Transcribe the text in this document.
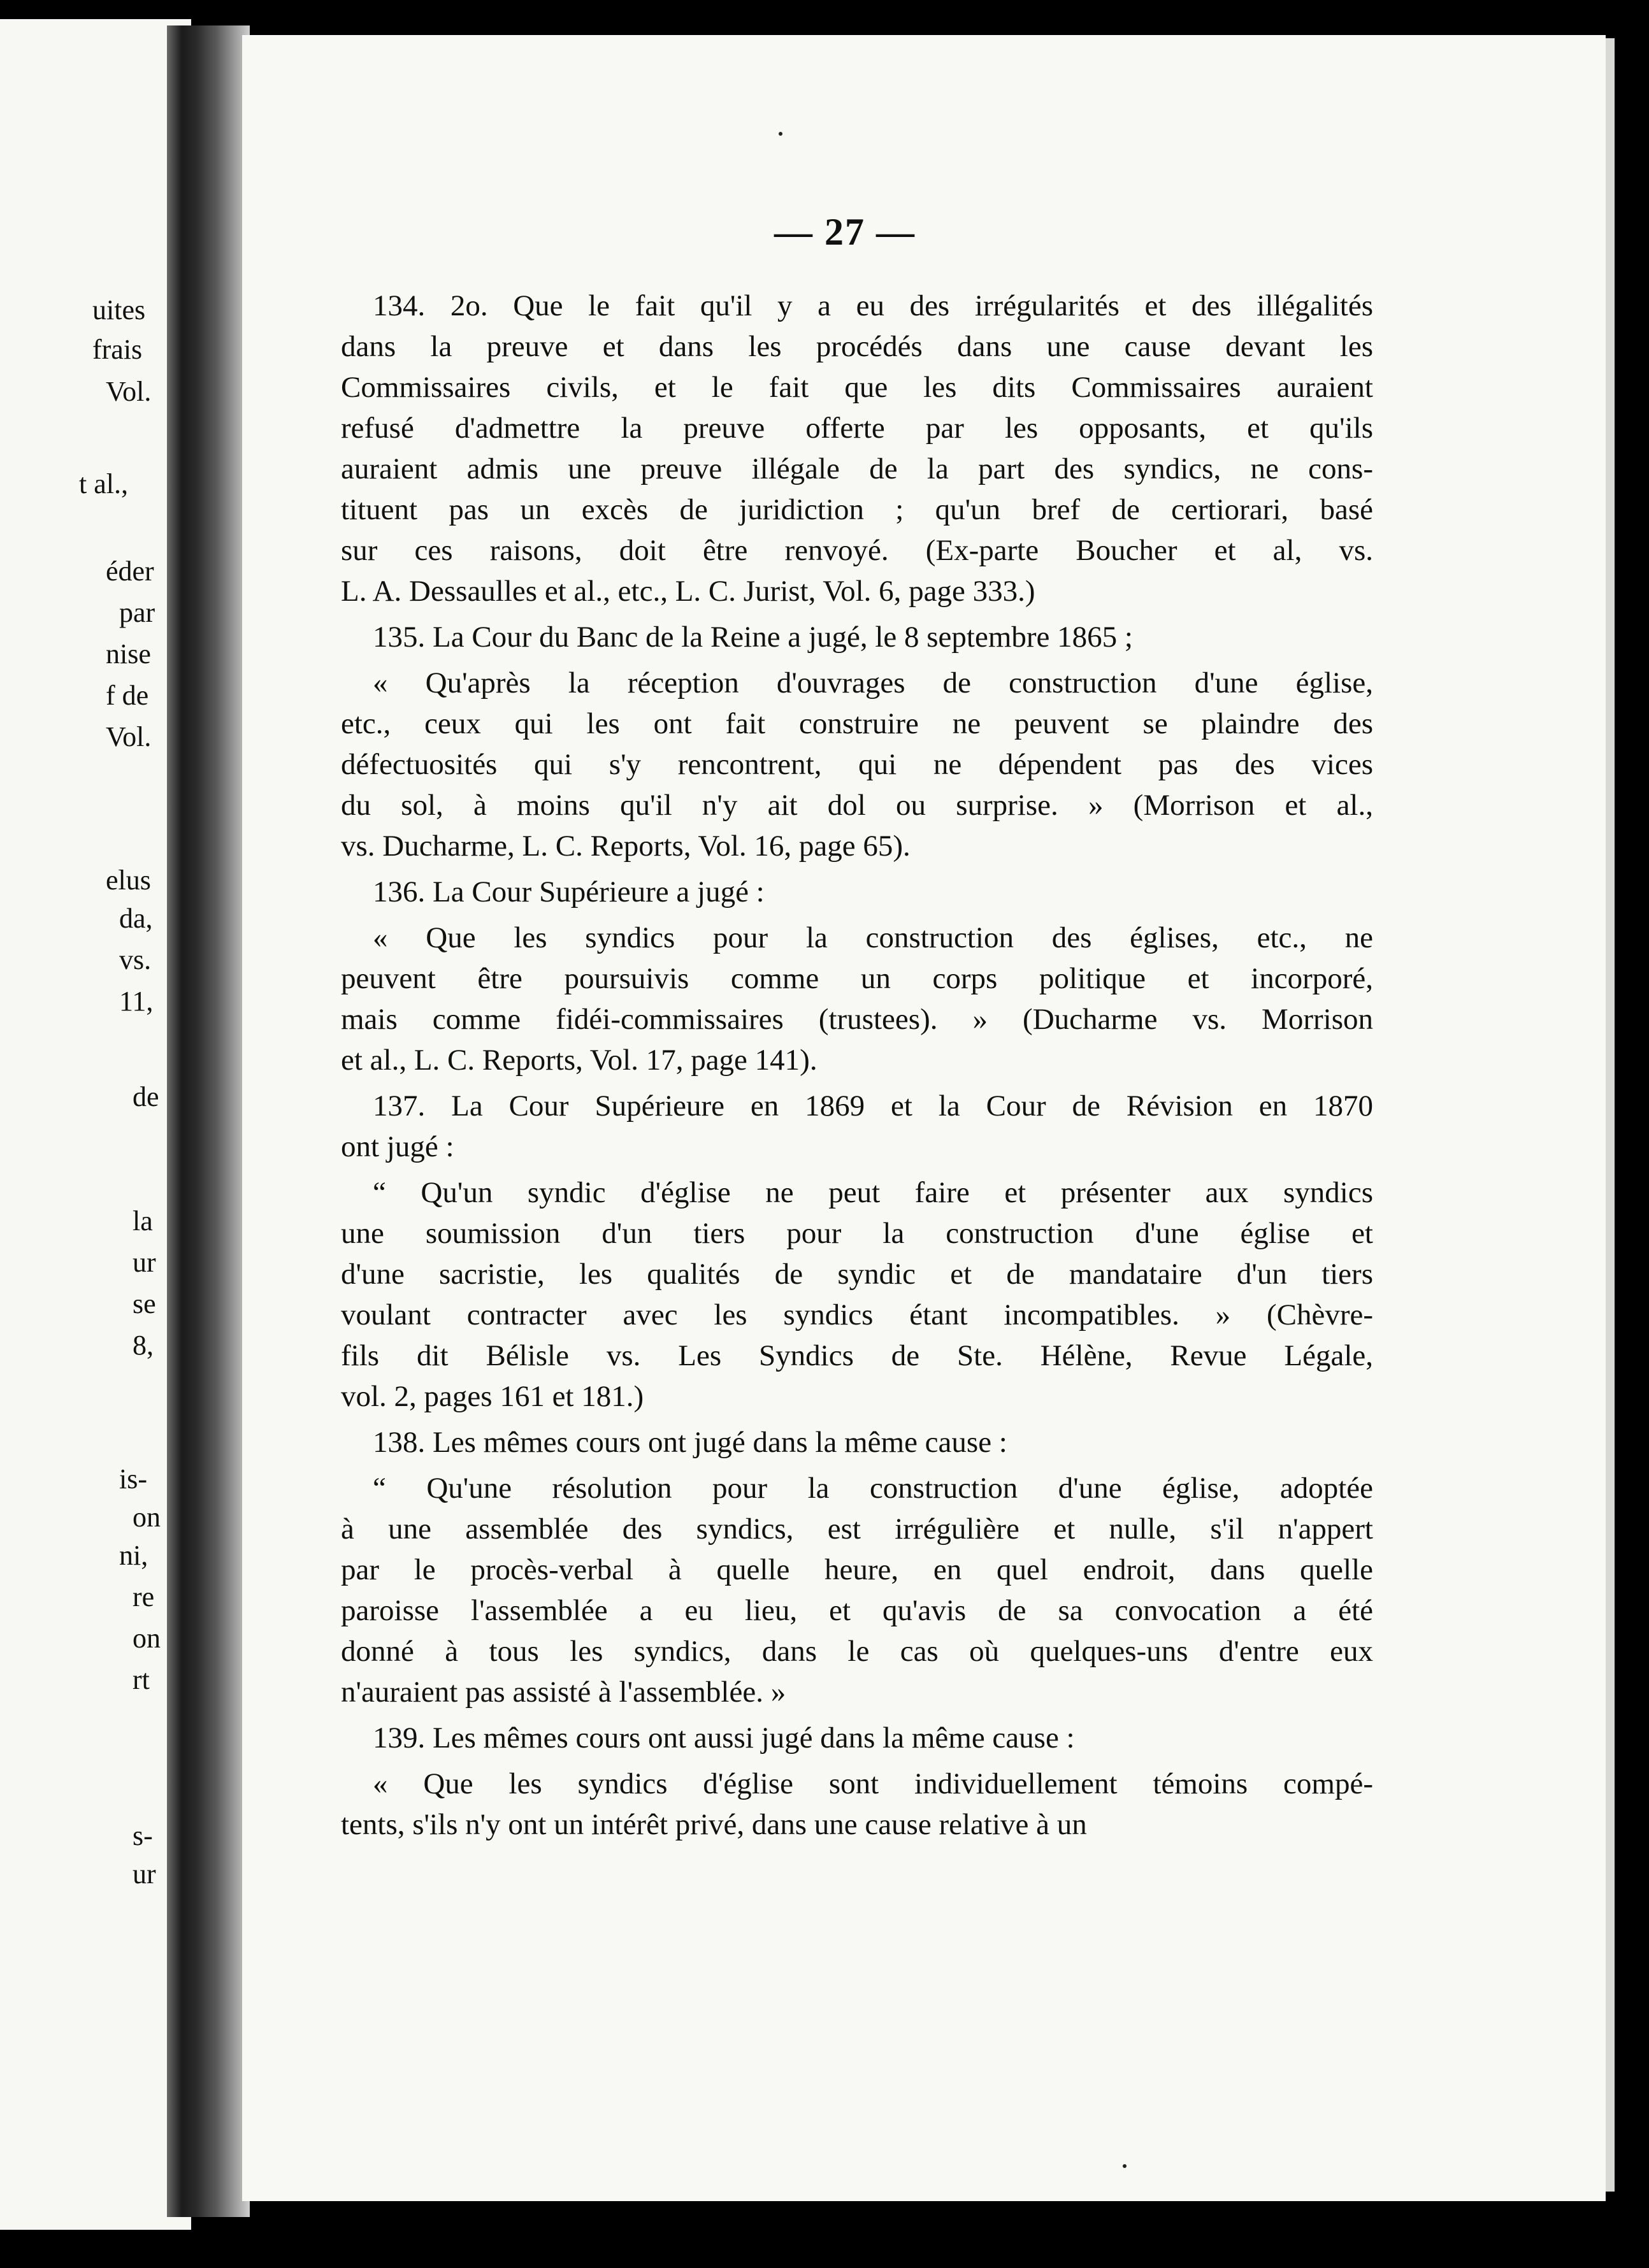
uites
frais
Vol.
t al.,
éder
par
nise
f de
Vol.
elus
da,
vs.
11,
de
la
ur
se
8,
is-
on
ni,
re
on
rt
s-
ur
— 27 —
134. 2o. Que le fait qu'il y a eu des irrégularités et des illégalités
dans la preuve et dans les procédés dans une cause devant les
Commissaires civils, et le fait que les dits Commissaires auraient
refusé d'admettre la preuve offerte par les opposants, et qu'ils
auraient admis une preuve illégale de la part des syndics, ne cons-
tituent pas un excès de juridiction ; qu'un bref de certiorari, basé
sur ces raisons, doit être renvoyé. (Ex-parte Boucher et al, vs.
L. A. Dessaulles et al., etc., L. C. Jurist, Vol. 6, page 333.)
135. La Cour du Banc de la Reine a jugé, le 8 septembre 1865 ;
« Qu'après la réception d'ouvrages de construction d'une église,
etc., ceux qui les ont fait construire ne peuvent se plaindre des
défectuosités qui s'y rencontrent, qui ne dépendent pas des vices
du sol, à moins qu'il n'y ait dol ou surprise. » (Morrison et al.,
vs. Ducharme, L. C. Reports, Vol. 16, page 65).
136. La Cour Supérieure a jugé :
« Que les syndics pour la construction des églises, etc., ne
peuvent être poursuivis comme un corps politique et incorporé,
mais comme fidéi-commissaires (trustees). » (Ducharme vs. Morrison
et al., L. C. Reports, Vol. 17, page 141).
137. La Cour Supérieure en 1869 et la Cour de Révision en 1870
ont jugé :
“ Qu'un syndic d'église ne peut faire et présenter aux syndics
une soumission d'un tiers pour la construction d'une église et
d'une sacristie, les qualités de syndic et de mandataire d'un tiers
voulant contracter avec les syndics étant incompatibles. » (Chèvre-
fils dit Bélisle vs. Les Syndics de Ste. Hélène, Revue Légale,
vol. 2, pages 161 et 181.)
138. Les mêmes cours ont jugé dans la même cause :
“ Qu'une résolution pour la construction d'une église, adoptée
à une assemblée des syndics, est irrégulière et nulle, s'il n'appert
par le procès-verbal à quelle heure, en quel endroit, dans quelle
paroisse l'assemblée a eu lieu, et qu'avis de sa convocation a été
donné à tous les syndics, dans le cas où quelques-uns d'entre eux
n'auraient pas assisté à l'assemblée. »
139. Les mêmes cours ont aussi jugé dans la même cause :
« Que les syndics d'église sont individuellement témoins compé-
tents, s'ils n'y ont un intérêt privé, dans une cause relative à un
